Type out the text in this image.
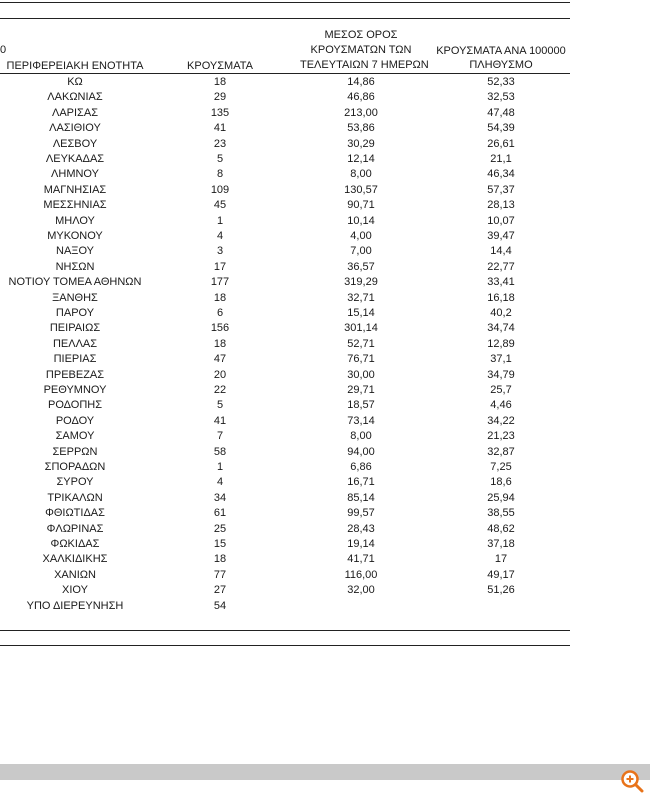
0
ΠΕΡΙΦΕΡΕΙΑΚΗ ΕΝΟΤΗΤΑ	ΚΡΟΥΣΜΑΤΑ
ΜΕΣΟΣ ΟΡΟΣ
ΚΡΟΥΣΜΑΤΩΝ ΤΩΝ
ΤΕΛΕΥΤΑΙΩΝ 7 ΗΜΕΡΩΝ
ΚΡΟΥΣΜΑΤΑ ΑΝΑ 100000
ΠΛΗΘΥΣΜΟ
ΚΩ	18	14,86	52,33
ΛΑΚΩΝΙΑΣ	29	46,86	32,53
ΛΑΡΙΣΑΣ	135	213,00	47,48
ΛΑΣΙΘΙΟΥ	41	53,86	54,39
ΛΕΣΒΟΥ	23	30,29	26,61
ΛΕΥΚΑΔΑΣ	5	12,14	21,1
ΛΗΜΝΟΥ	8	8,00	46,34
ΜΑΓΝΗΣΙΑΣ	109	130,57	57,37
ΜΕΣΣΗΝΙΑΣ	45	90,71	28,13
ΜΗΛΟΥ	1	10,14	10,07
ΜΥΚΟΝΟΥ	4	4,00	39,47
ΝΑΞΟΥ	3	7,00	14,4
ΝΗΣΩΝ	17	36,57	22,77
ΝΟΤΙΟΥ ΤΟΜΕΑ ΑΘΗΝΩΝ	177	319,29	33,41
ΞΑΝΘΗΣ	18	32,71	16,18
ΠΑΡΟΥ	6	15,14	40,2
ΠΕΙΡΑΙΩΣ	156	301,14	34,74
ΠΕΛΛΑΣ	18	52,71	12,89
ΠΙΕΡΙΑΣ	47	76,71	37,1
ΠΡΕΒΕΖΑΣ	20	30,00	34,79
ΡΕΘΥΜΝΟΥ	22	29,71	25,7
ΡΟΔΟΠΗΣ	5	18,57	4,46
ΡΟΔΟΥ	41	73,14	34,22
ΣΑΜΟΥ	7	8,00	21,23
ΣΕΡΡΩΝ	58	94,00	32,87
ΣΠΟΡΑΔΩΝ	1	6,86	7,25
ΣΥΡΟΥ	4	16,71	18,6
ΤΡΙΚΑΛΩΝ	34	85,14	25,94
ΦΘΙΩΤΙΔΑΣ	61	99,57	38,55
ΦΛΩΡΙΝΑΣ	25	28,43	48,62
ΦΩΚΙΔΑΣ	15	19,14	37,18
ΧΑΛΚΙΔΙΚΗΣ	18	41,71	17
ΧΑΝΙΩΝ	77	116,00	49,17
ΧΙΟΥ	27	32,00	51,26
ΥΠΟ ΔΙΕΡΕΥΝΗΣΗ	54
